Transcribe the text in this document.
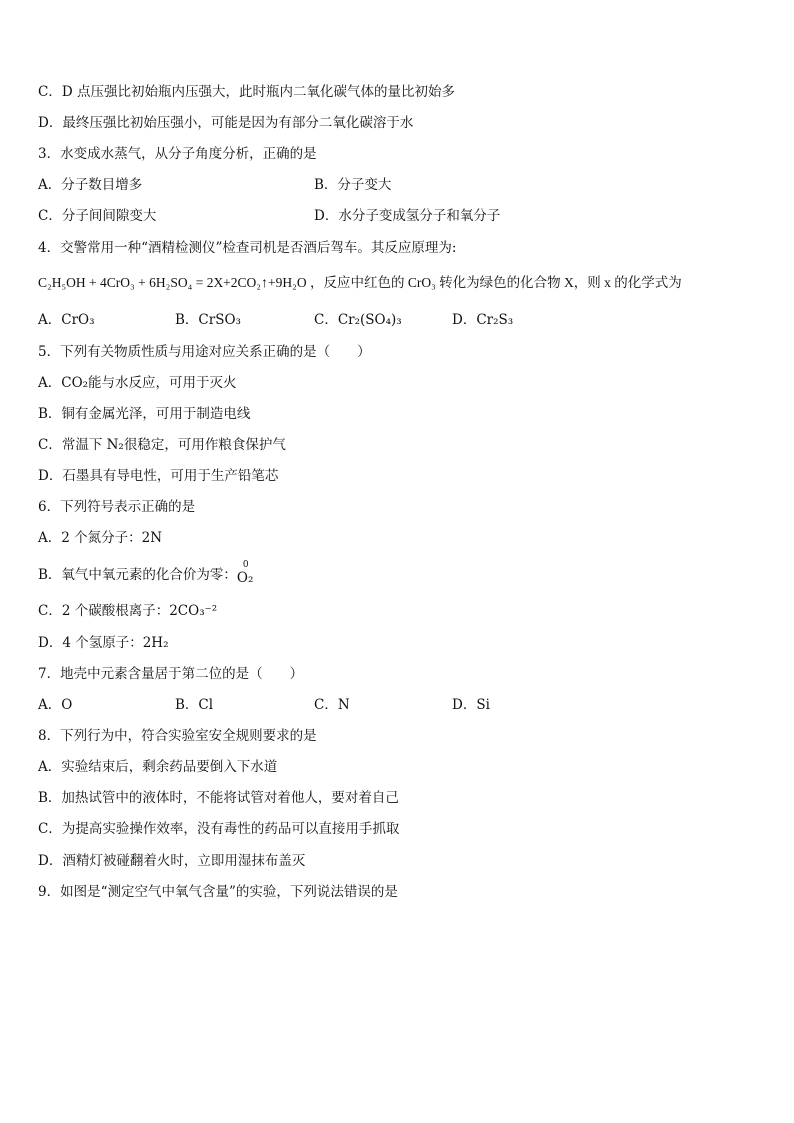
C．D 点压强比初始瓶内压强大，此时瓶内二氧化碳气体的量比初始多
D．最终压强比初始压强小，可能是因为有部分二氧化碳溶于水
3．水变成水蒸气，从分子角度分析，正确的是
A．分子数目增多	B．分子变大
C．分子间间隙变大	D．水分子变成氢分子和氧分子
4．交警常用一种“酒精检测仪”检查司机是否酒后驾车。其反应原理为:
C₂H₅OH + 4CrO₃ + 6H₂SO₄ = 2X+2CO₂↑+9H₂O ，反应中红色的 CrO₃ 转化为绿色的化合物 X，则 x 的化学式为
A．CrO₃	B．CrSO₃	C．Cr₂(SO₄)₃	D．Cr₂S₃
5．下列有关物质性质与用途对应关系正确的是（　　）
A．CO₂能与水反应，可用于灭火
B．铜有金属光泽，可用于制造电线
C．常温下 N₂很稳定，可用作粮食保护气
D．石墨具有导电性，可用于生产铅笔芯
6．下列符号表示正确的是
A．2 个氮分子：2N
B．氧气中氧元素的化合价为零：
0
O₂
C．2 个碳酸根离子：2CO₃⁻²
D．4 个氢原子：2H₂
7．地壳中元素含量居于第二位的是（　　）
A．O	B．Cl	C．N	D．Si
8．下列行为中，符合实验室安全规则要求的是
A．实验结束后，剩余药品要倒入下水道
B．加热试管中的液体时，不能将试管对着他人，要对着自己
C．为提高实验操作效率，没有毒性的药品可以直接用手抓取
D．酒精灯被碰翻着火时，立即用湿抹布盖灭
9．如图是“测定空气中氧气含量”的实验，下列说法错误的是
